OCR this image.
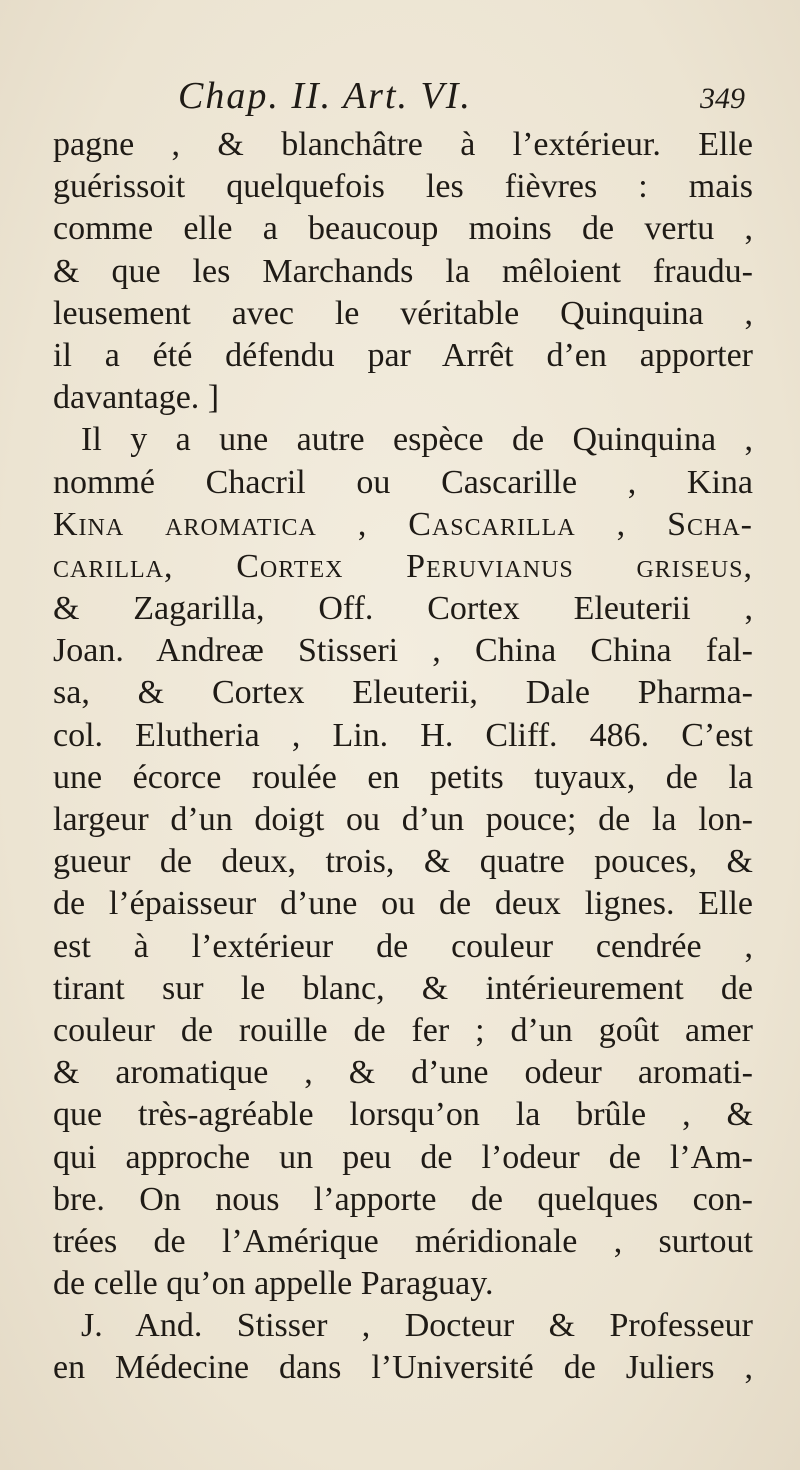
Chap. II. Art. VI.	349
pagne , & blanchâtre à l’extérieur. Elle
guérissoit quelquefois les fièvres : mais
comme elle a beaucoup moins de vertu ,
& que les Marchands la mêloient fraudu-
leusement avec le véritable Quinquina ,
il a été défendu par Arrêt d’en apporter
davantage. ]
Il y a une autre espèce de Quinquina ,
nommé Chacril ou Cascarille , Kina
Kina aromatica , Cascarilla , Scha-
carilla, Cortex Peruvianus griseus,
& Zagarilla, Off. Cortex Eleuterii ,
Joan. Andreæ Stisseri , China China fal-
sa, & Cortex Eleuterii, Dale Pharma-
col. Elutheria , Lin. H. Cliff. 486. C’est
une écorce roulée en petits tuyaux, de la
largeur d’un doigt ou d’un pouce; de la lon-
gueur de deux, trois, & quatre pouces, &
de l’épaisseur d’une ou de deux lignes. Elle
est à l’extérieur de couleur cendrée ,
tirant sur le blanc, & intérieurement de
couleur de rouille de fer ; d’un goût amer
& aromatique , & d’une odeur aromati-
que très-agréable lorsqu’on la brûle , &
qui approche un peu de l’odeur de l’Am-
bre. On nous l’apporte de quelques con-
trées de l’Amérique méridionale , surtout
de celle qu’on appelle Paraguay.
J. And. Stisser , Docteur & Professeur
en Médecine dans l’Université de Juliers ,
